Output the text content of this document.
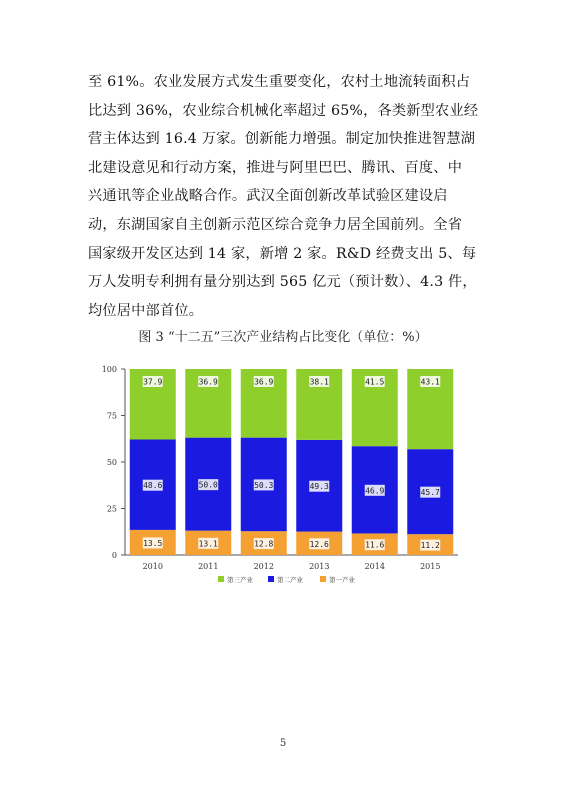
至 61%。农业发展方式发生重要变化，农村土地流转面积占
比达到 36%，农业综合机械化率超过 65%，各类新型农业经
营主体达到 16.4 万家。创新能力增强。制定加快推进智慧湖
北建设意见和行动方案，推进与阿里巴巴、腾讯、百度、中
兴通讯等企业战略合作。武汉全面创新改革试验区建设启
动，东湖国家自主创新示范区综合竞争力居全国前列。全省
国家级开发区达到 14 家，新增 2 家。R&D 经费支出 5、每
万人发明专利拥有量分别达到 565 亿元（预计数）、4.3 件，
均位居中部首位。
图 3 “十二五”三次产业结构占比变化（单位：%）
0
25
50
75
100
13.5
48.6
37.9
2010
13.1
50.0
36.9
2011
12.8
50.3
36.9
2012
12.6
49.3
38.1
2013
11.6
46.9
41.5
2014
11.2
45.7
43.1
2015
第三产业	第二产业	第一产业
5
